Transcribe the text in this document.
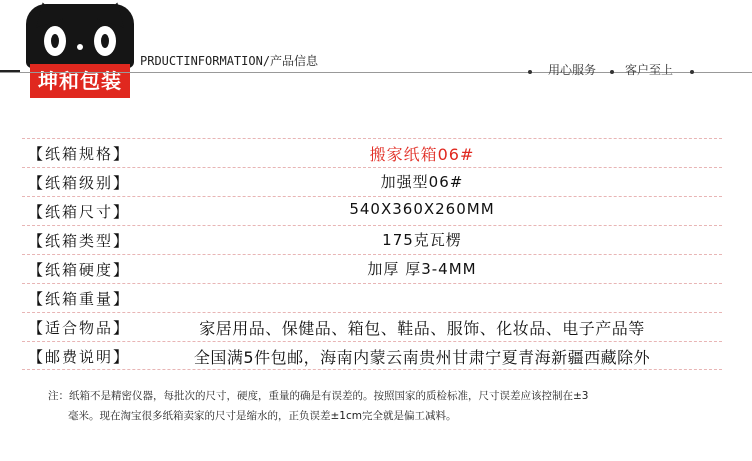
坤和包装
PRDUCTINFORMATION/产品信息
用心服务 客户至上
【纸箱规格】	搬家纸箱06#
【纸箱级别】	加强型06#
【纸箱尺寸】	540X360X260MM
【纸箱类型】	175克瓦楞
【纸箱硬度】	加厚 厚3-4MM
【纸箱重量】
【适合物品】	家居用品、保健品、箱包、鞋品、服饰、化妆品、电子产品等
【邮费说明】	全国满5件包邮，海南内蒙云南贵州甘肃宁夏青海新疆西藏除外
注：纸箱不是精密仪器，每批次的尺寸，硬度，重量的确是有误差的。按照国家的质检标准，尺寸误差应该控制在±3
毫米。现在淘宝很多纸箱卖家的尺寸是缩水的，正负误差±1cm完全就是偏工减料。
